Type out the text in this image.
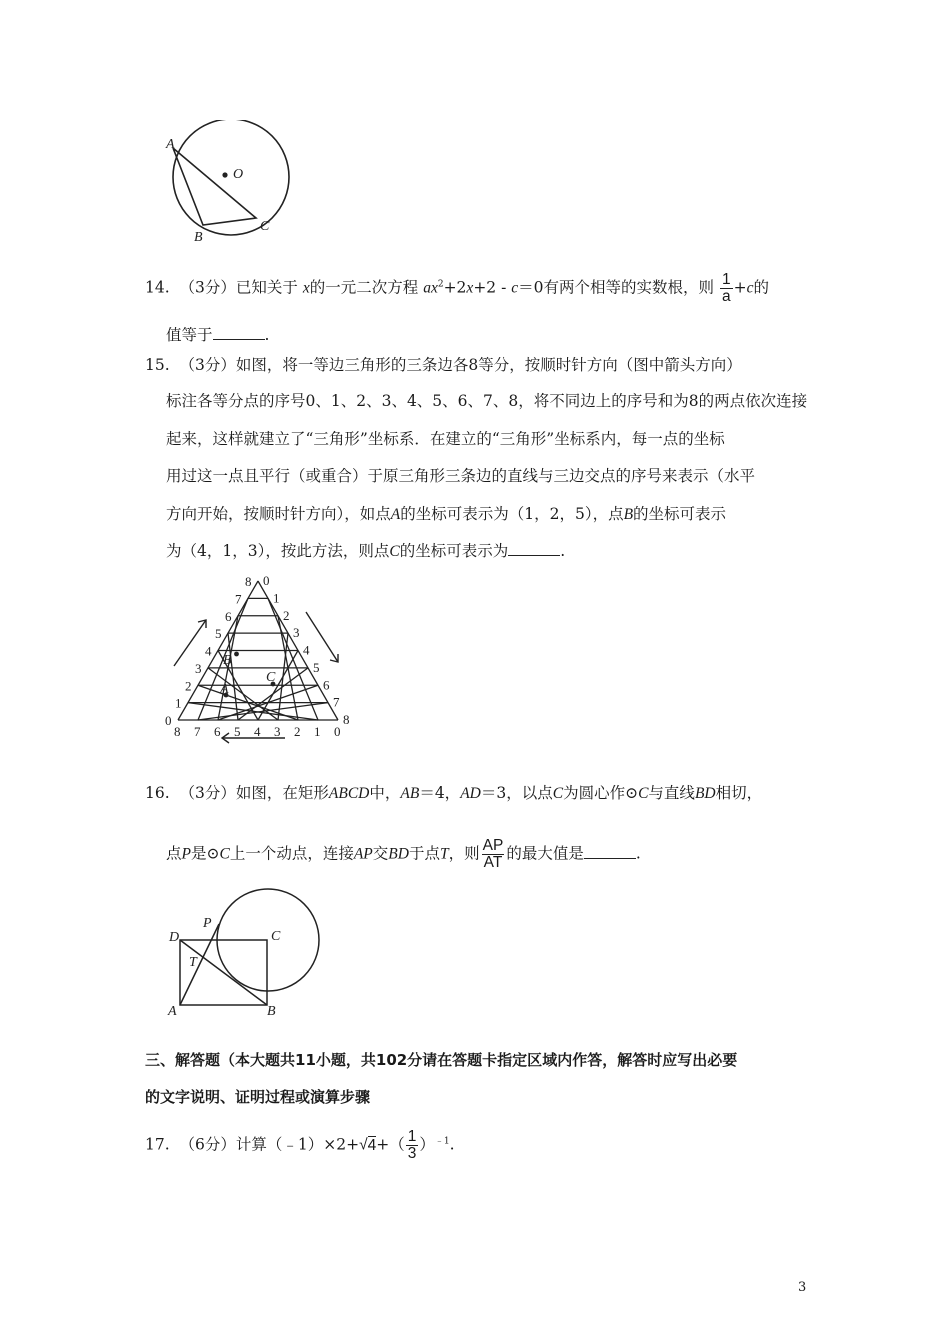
A
O
B
C
14. （3分）已知关于 x的一元二次方程 $ax^2+2x+2 - c=0$有两个相等的实数根，则 $\frac{1}{a} +c$的
值等于	.
15. （3分）如图，将一等边三角形的三条边各8等分，按顺时针方向（图中箭头方向）
标注各等分点的序号0、1、2、3、4、5、6、7、8，将不同边上的序号和为8的两点依次连接
起来，这样就建立了“三角形”坐标系．在建立的“三角形”坐标系内，每一点的坐标
用过这一点且平行（或重合）于原三角形三条边的直线与三边交点的序号来表示（水平
方向开始，按顺时针方向），如点A的坐标可表示为（1，2，5），点B的坐标可表示
为（4，1，3），按此方法，则点C的坐标可表示为	.
0
1
2
3
4
5
6
7
8 0
1
2
3
4
5
6
7
8
8 7 6 5 4 3 2 1 0
A
B
C
16. （3分）如图，在矩形ABCD中，AB＝4，AD＝3，以点C为圆心作⊙C与直线BD相切，
点P是⊙C上一个动点，连接AP交BD于点T，则 $\frac{AP}{AT}$ 的最大值是	.
D
P
C
T
A	B
三、解答题（本大题共11小题，共102分请在答题卡指定区域内作答，解答时应写出必要
的文字说明、证明过程或演算步骤
17. （6分）计算（﹣1）×2+√4+（ $\frac{1}{3} )^{﹣1}$.
3
